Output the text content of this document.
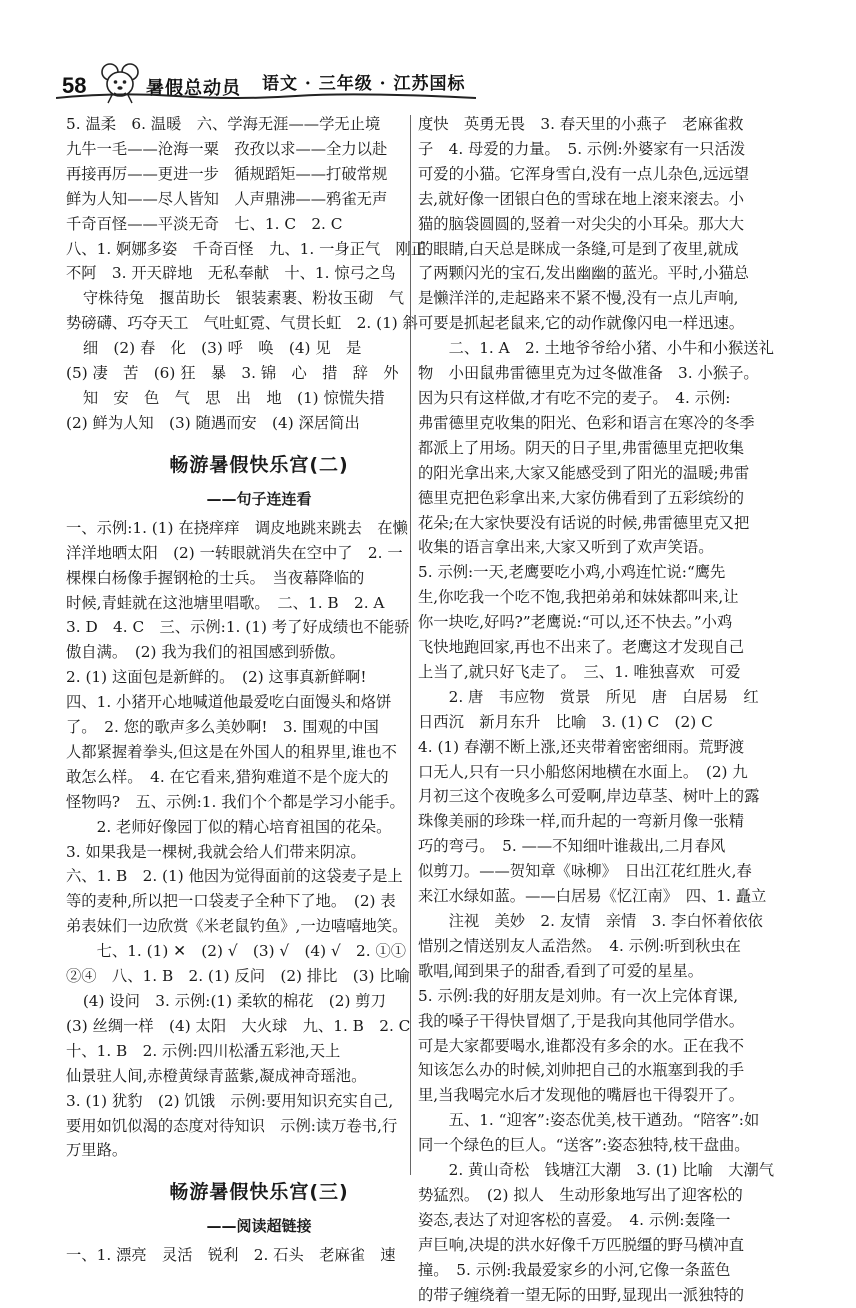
58	暑假总动员 语文 · 三年级 · 江苏国标

5. 温柔　6. 温暖　六、学海无涯——学无止境

九牛一毛——沧海一粟　孜孜以求——全力以赴

再接再厉——更进一步　循规蹈矩——打破常规

鲜为人知——尽人皆知　人声鼎沸——鸦雀无声

千奇百怪——平淡无奇　七、1. C　2. C

八、1. 婀娜多姿　千奇百怪　九、1. 一身正气　刚正

不阿　3. 开天辟地　无私奉献　十、1. 惊弓之鸟

守株待兔　揠苗助长　银装素裹、粉妆玉砌　气

势磅礴、巧夺天工　气吐虹霓、气贯长虹　2. (1) 斜

细　(2) 春　化　(3) 呼　唤　(4) 见　是

(5) 凄　苦　(6) 狂　暴　3. 锦　心　措　辞　外

知　安　色　气　思　出　地　(1) 惊慌失措

(2) 鲜为人知　(3) 随遇而安　(4) 深居简出

畅游暑假快乐宫(二)
——句子连连看

一、示例:1. (1) 在挠痒痒　调皮地跳来跳去　在懒

洋洋地晒太阳　(2) 一转眼就消失在空中了　2. 一

棵棵白杨像手握钢枪的士兵。　当夜幕降临的

时候,青蛙就在这池塘里唱歌。　二、1. B　2. A

3. D　4. C　三、示例:1. (1) 考了好成绩也不能骄

傲自满。　(2) 我为我们的祖国感到骄傲。

2. (1) 这面包是新鲜的。　(2) 这事真新鲜啊!

四、1. 小猪开心地喊道他最爱吃白面馒头和烙饼

了。　2. 您的歌声多么美妙啊!　3. 围观的中国

人都紧握着拳头,但这是在外国人的租界里,谁也不

敢怎么样。　4. 在它看来,猎狗难道不是个庞大的

怪物吗?　五、示例:1. 我们个个都是学习小能手。

2. 老师好像园丁似的精心培育祖国的花朵。

3. 如果我是一棵树,我就会给人们带来阴凉。

六、1. B　2. (1) 他因为觉得面前的这袋麦子是上

等的麦种,所以把一口袋麦子全种下了地。　(2) 表

弟表妹们一边欣赏《米老鼠钓鱼》,一边嘻嘻地笑。

七、1. (1) ✕　(2) √　(3) √　(4) √　2. ①①

②④　八、1. B　2. (1) 反问　(2) 排比　(3) 比喻

(4) 设问　3. 示例:(1) 柔软的棉花　(2) 剪刀

(3) 丝绸一样　(4) 太阳　大火球　九、1. B　2. C

十、1. B　2. 示例:四川松潘五彩池,天上

仙景驻人间,赤橙黄绿青蓝紫,凝成神奇瑶池。

3. (1) 犹豹　(2) 饥饿　示例:要用知识充实自己,

要用如饥似渴的态度对待知识　示例:读万卷书,行

万里路。

畅游暑假快乐宫(三)
——阅读超链接

一、1. 漂亮　灵活　锐利　2. 石头　老麻雀　速

度快　英勇无畏　3. 春天里的小燕子　老麻雀救

子　4. 母爱的力量。　5. 示例:外婆家有一只活泼

可爱的小猫。它浑身雪白,没有一点儿杂色,远远望

去,就好像一团银白色的雪球在地上滚来滚去。小

猫的脑袋圆圆的,竖着一对尖尖的小耳朵。那大大

的眼睛,白天总是眯成一条缝,可是到了夜里,就成

了两颗闪光的宝石,发出幽幽的蓝光。平时,小猫总

是懒洋洋的,走起路来不紧不慢,没有一点儿声响,

可要是抓起老鼠来,它的动作就像闪电一样迅速。

二、1. A　2. 土地爷爷给小猪、小牛和小猴送礼

物　小田鼠弗雷德里克为过冬做准备　3. 小猴子。

因为只有这样做,才有吃不完的麦子。　4. 示例:

弗雷德里克收集的阳光、色彩和语言在寒冷的冬季

都派上了用场。阴天的日子里,弗雷德里克把收集

的阳光拿出来,大家又能感受到了阳光的温暖;弗雷

德里克把色彩拿出来,大家仿佛看到了五彩缤纷的

花朵;在大家快要没有话说的时候,弗雷德里克又把

收集的语言拿出来,大家又听到了欢声笑语。

5. 示例:一天,老鹰要吃小鸡,小鸡连忙说:“鹰先

生,你吃我一个吃不饱,我把弟弟和妹妹都叫来,让

你一块吃,好吗?”老鹰说:“可以,还不快去。”小鸡

飞快地跑回家,再也不出来了。老鹰这才发现自己

上当了,就只好飞走了。　三、1. 唯独喜欢　可爱

2. 唐　韦应物　赏景　所见　唐　白居易　红

日西沉　新月东升　比喻　3. (1) C　(2) C

4. (1) 春潮不断上涨,还夹带着密密细雨。荒野渡

口无人,只有一只小船悠闲地横在水面上。　(2) 九

月初三这个夜晚多么可爱啊,岸边草茎、树叶上的露

珠像美丽的珍珠一样,而升起的一弯新月像一张精

巧的弯弓。　5. ——不知细叶谁裁出,二月春风

似剪刀。——贺知章《咏柳》　日出江花红胜火,春

来江水绿如蓝。——白居易《忆江南》　四、1. 矗立

注视　美妙　2. 友情　亲情　3. 李白怀着依依

惜别之情送别友人孟浩然。　4. 示例:听到秋虫在

歌唱,闻到果子的甜香,看到了可爱的星星。

5. 示例:我的好朋友是刘帅。有一次上完体育课,

我的嗓子干得快冒烟了,于是我向其他同学借水。

可是大家都要喝水,谁都没有多余的水。正在我不

知该怎么办的时候,刘帅把自己的水瓶塞到我的手

里,当我喝完水后才发现他的嘴唇也干得裂开了。

五、1. “迎客”:姿态优美,枝干遒劲。“陪客”:如

同一个绿色的巨人。“送客”:姿态独特,枝干盘曲。

2. 黄山奇松　钱塘江大潮　3. (1) 比喻　大潮气

势猛烈。　(2) 拟人　生动形象地写出了迎客松的

姿态,表达了对迎客松的喜爱。　4. 示例:轰隆一

声巨响,决堤的洪水好像千万匹脱缰的野马横冲直

撞。　5. 示例:我最爱家乡的小河,它像一条蓝色

的带子缠绕着一望无际的田野,显现出一派独特的
